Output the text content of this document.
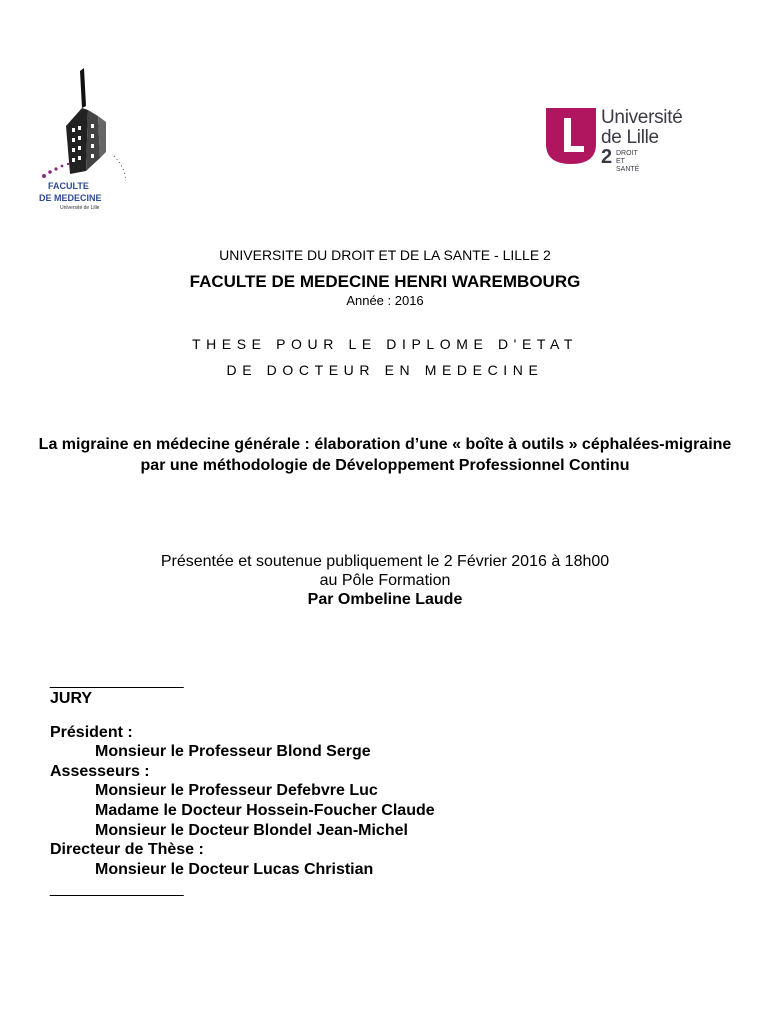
FACULTE
DE MEDECINE
Université de Lille
Université
de Lille
2 DROIT
ET SANTÉ
UNIVERSITE DU DROIT ET DE LA SANTE - LILLE 2
FACULTE DE MEDECINE HENRI WAREMBOURG
Année : 2016
THESE POUR LE DIPLOME D'ETAT
DE DOCTEUR EN MEDECINE
La migraine en médecine générale : élaboration d’une « boîte à outils » céphalées-migraine par une méthodologie de Développement Professionnel Continu
Présentée et soutenue publiquement le 2 Février 2016 à 18h00
au Pôle Formation
Par Ombeline Laude
_______________
JURY
Président :
Monsieur le Professeur Blond Serge
Assesseurs :
Monsieur le Professeur Defebvre Luc
Madame le Docteur Hossein-Foucher Claude
Monsieur le Docteur Blondel Jean-Michel
Directeur de Thèse :
Monsieur le Docteur Lucas Christian
_______________
